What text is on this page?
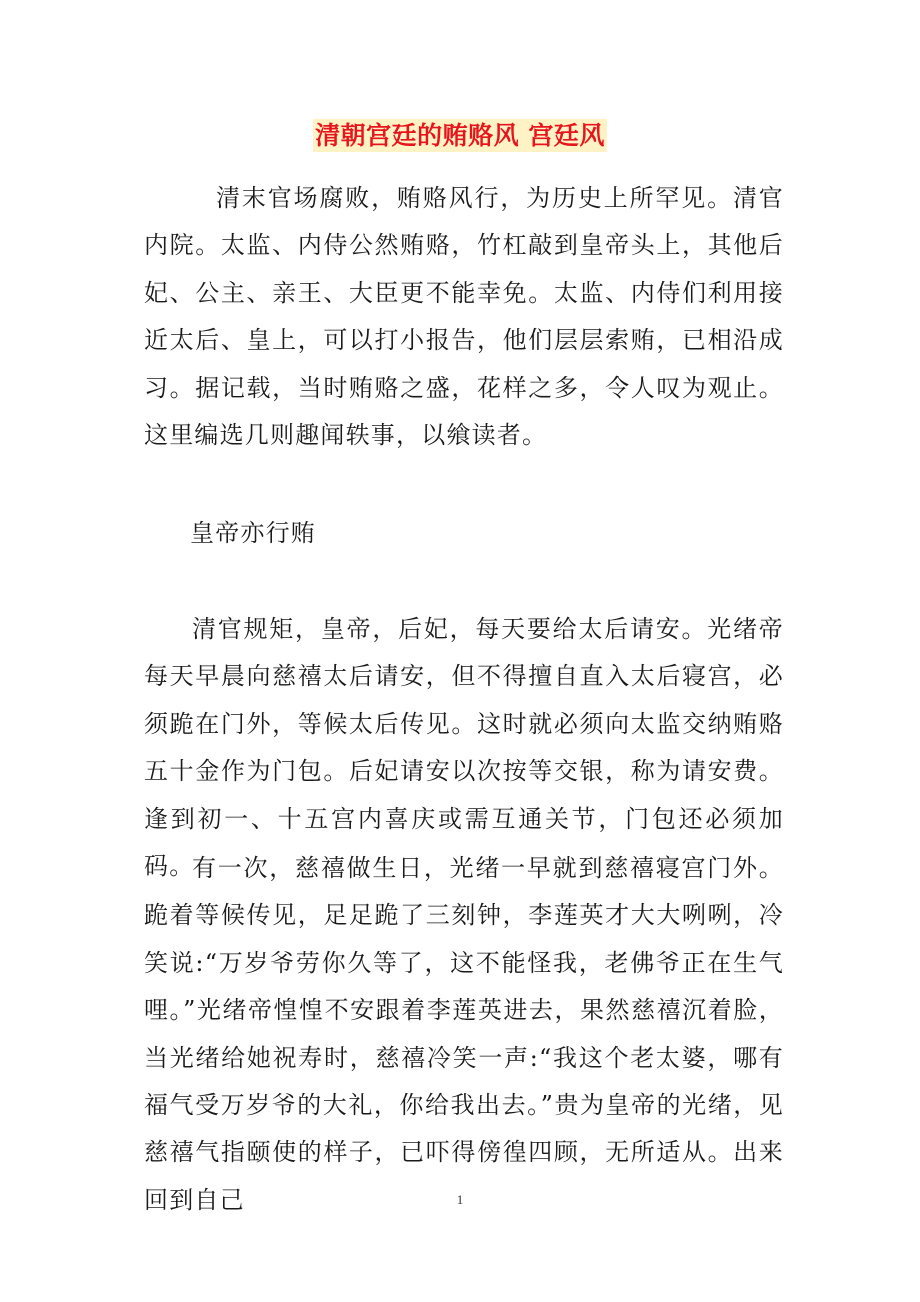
清朝宫廷的贿赂风 宫廷风

清末官场腐败，贿赂风行，为历史上所罕见。清官内院。太监、内侍公然贿赂，竹杠敲到皇帝头上，其他后妃、公主、亲王、大臣更不能幸免。太监、内侍们利用接近太后、皇上，可以打小报告，他们层层索贿，已相沿成习。据记载，当时贿赂之盛，花样之多，令人叹为观止。这里编选几则趣闻轶事，以飨读者。

皇帝亦行贿

清官规矩，皇帝，后妃，每天要给太后请安。光绪帝每天早晨向慈禧太后请安，但不得擅自直入太后寝宫，必须跪在门外，等候太后传见。这时就必须向太监交纳贿赂五十金作为门包。后妃请安以次按等交银，称为请安费。逢到初一、十五宫内喜庆或需互通关节，门包还必须加码。

有一次，慈禧做生日，光绪一早就到慈禧寝宫门外。跪着等候传见，足足跪了三刻钟，李莲英才大大咧咧，冷笑说:“万岁爷劳你久等了，这不能怪我，老佛爷正在生气哩。”光绪帝惶惶不安跟着李莲英进去，果然慈禧沉着脸，当光绪给她祝寿时，慈禧冷笑一声:“我这个老太婆，哪有福气受万岁爷的大礼，你给我出去。”贵为皇帝的光绪，见慈禧气指颐使的样子，已吓得傍徨四顾，无所适从。出来回到自己	1
